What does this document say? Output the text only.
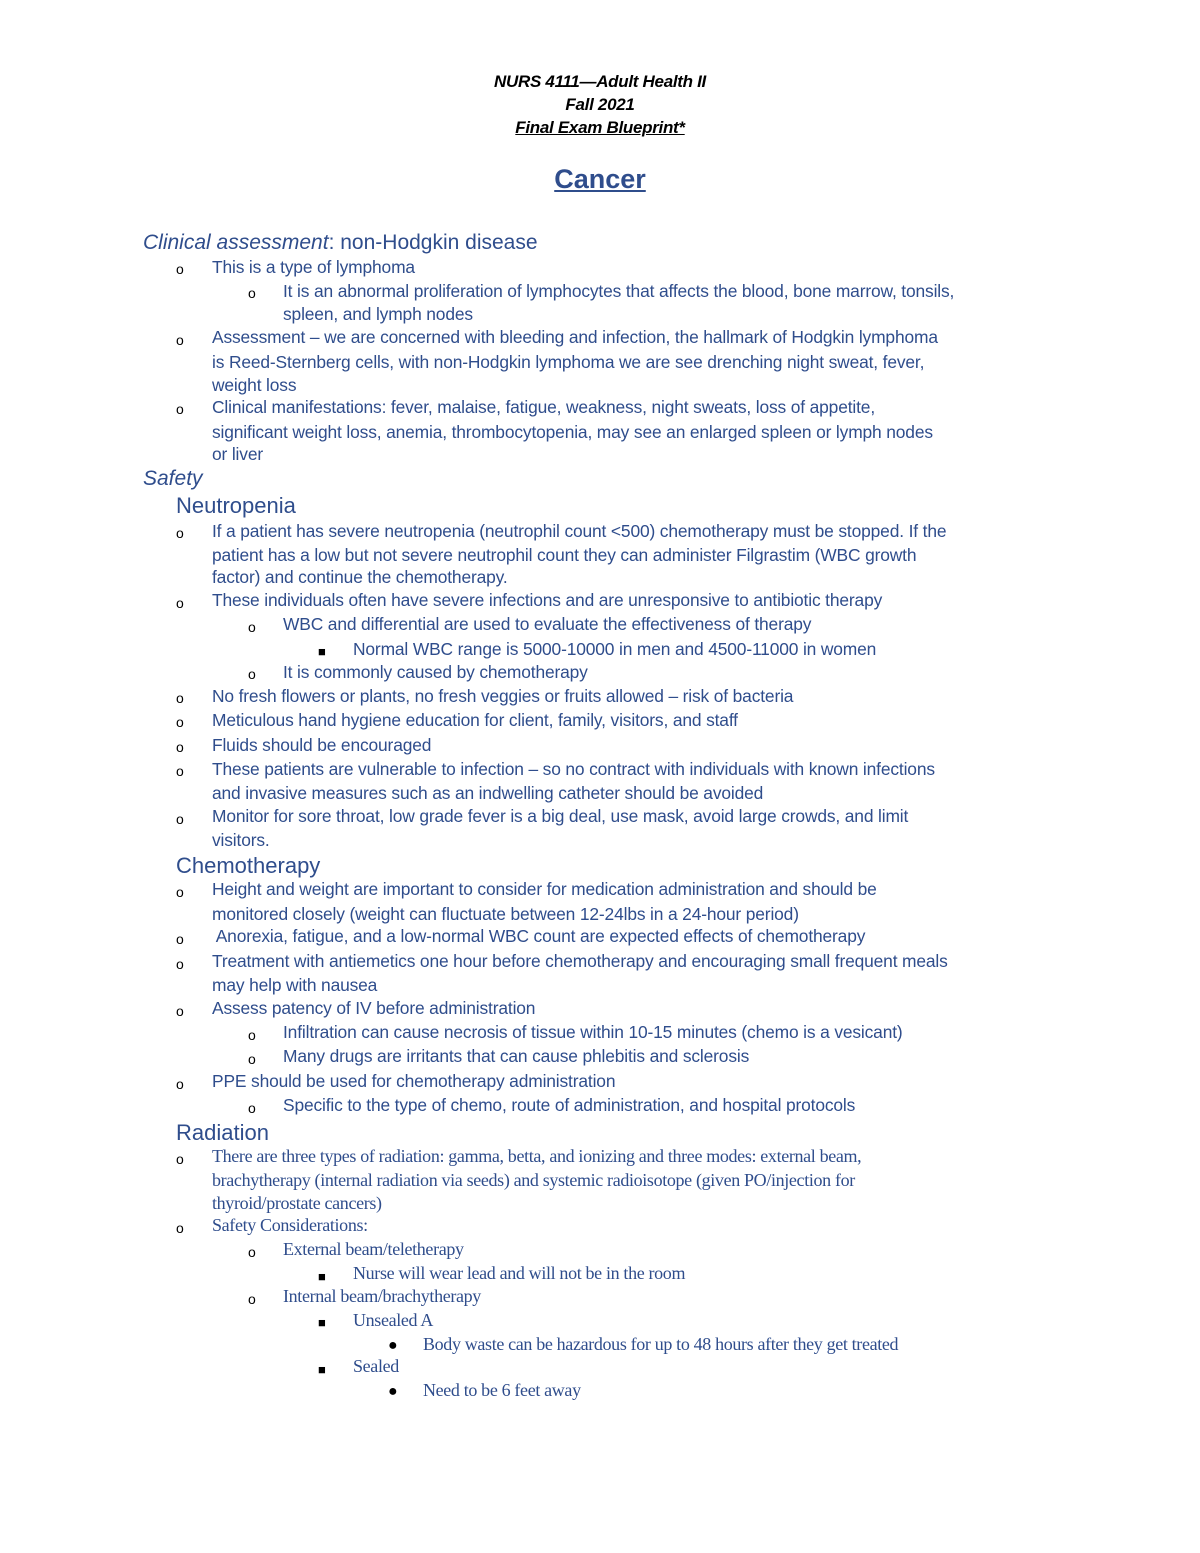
NURS 4111—Adult Health II
Fall 2021
Final Exam Blueprint*
Cancer
Clinical assessment: non-Hodgkin disease
o This is a type of lymphoma
o It is an abnormal proliferation of lymphocytes that affects the blood, bone marrow, tonsils,
spleen, and lymph nodes
o Assessment – we are concerned with bleeding and infection, the hallmark of Hodgkin lymphoma
is Reed-Sternberg cells, with non-Hodgkin lymphoma we are see drenching night sweat, fever,
weight loss
o Clinical manifestations: fever, malaise, fatigue, weakness, night sweats, loss of appetite,
significant weight loss, anemia, thrombocytopenia, may see an enlarged spleen or lymph nodes
or liver
Safety
Neutropenia
o If a patient has severe neutropenia (neutrophil count <500) chemotherapy must be stopped. If the
patient has a low but not severe neutrophil count they can administer Filgrastim (WBC growth
factor) and continue the chemotherapy.
o These individuals often have severe infections and are unresponsive to antibiotic therapy
o WBC and differential are used to evaluate the effectiveness of therapy
■ Normal WBC range is 5000-10000 in men and 4500-11000 in women
o It is commonly caused by chemotherapy
o No fresh flowers or plants, no fresh veggies or fruits allowed – risk of bacteria
o Meticulous hand hygiene education for client, family, visitors, and staff
o Fluids should be encouraged
o These patients are vulnerable to infection – so no contract with individuals with known infections
and invasive measures such as an indwelling catheter should be avoided
o Monitor for sore throat, low grade fever is a big deal, use mask, avoid large crowds, and limit
visitors.
Chemotherapy
o Height and weight are important to consider for medication administration and should be
monitored closely (weight can fluctuate between 12-24lbs in a 24-hour period)
o Anorexia, fatigue, and a low-normal WBC count are expected effects of chemotherapy
o Treatment with antiemetics one hour before chemotherapy and encouraging small frequent meals
may help with nausea
o Assess patency of IV before administration
o Infiltration can cause necrosis of tissue within 10-15 minutes (chemo is a vesicant)
o Many drugs are irritants that can cause phlebitis and sclerosis
o PPE should be used for chemotherapy administration
o Specific to the type of chemo, route of administration, and hospital protocols
Radiation
o There are three types of radiation: gamma, betta, and ionizing and three modes: external beam,
brachytherapy (internal radiation via seeds) and systemic radioisotope (given PO/injection for
thyroid/prostate cancers)
o Safety Considerations:
o External beam/teletherapy
■ Nurse will wear lead and will not be in the room
o Internal beam/brachytherapy
■ Unsealed A
● Body waste can be hazardous for up to 48 hours after they get treated
■ Sealed
● Need to be 6 feet away
